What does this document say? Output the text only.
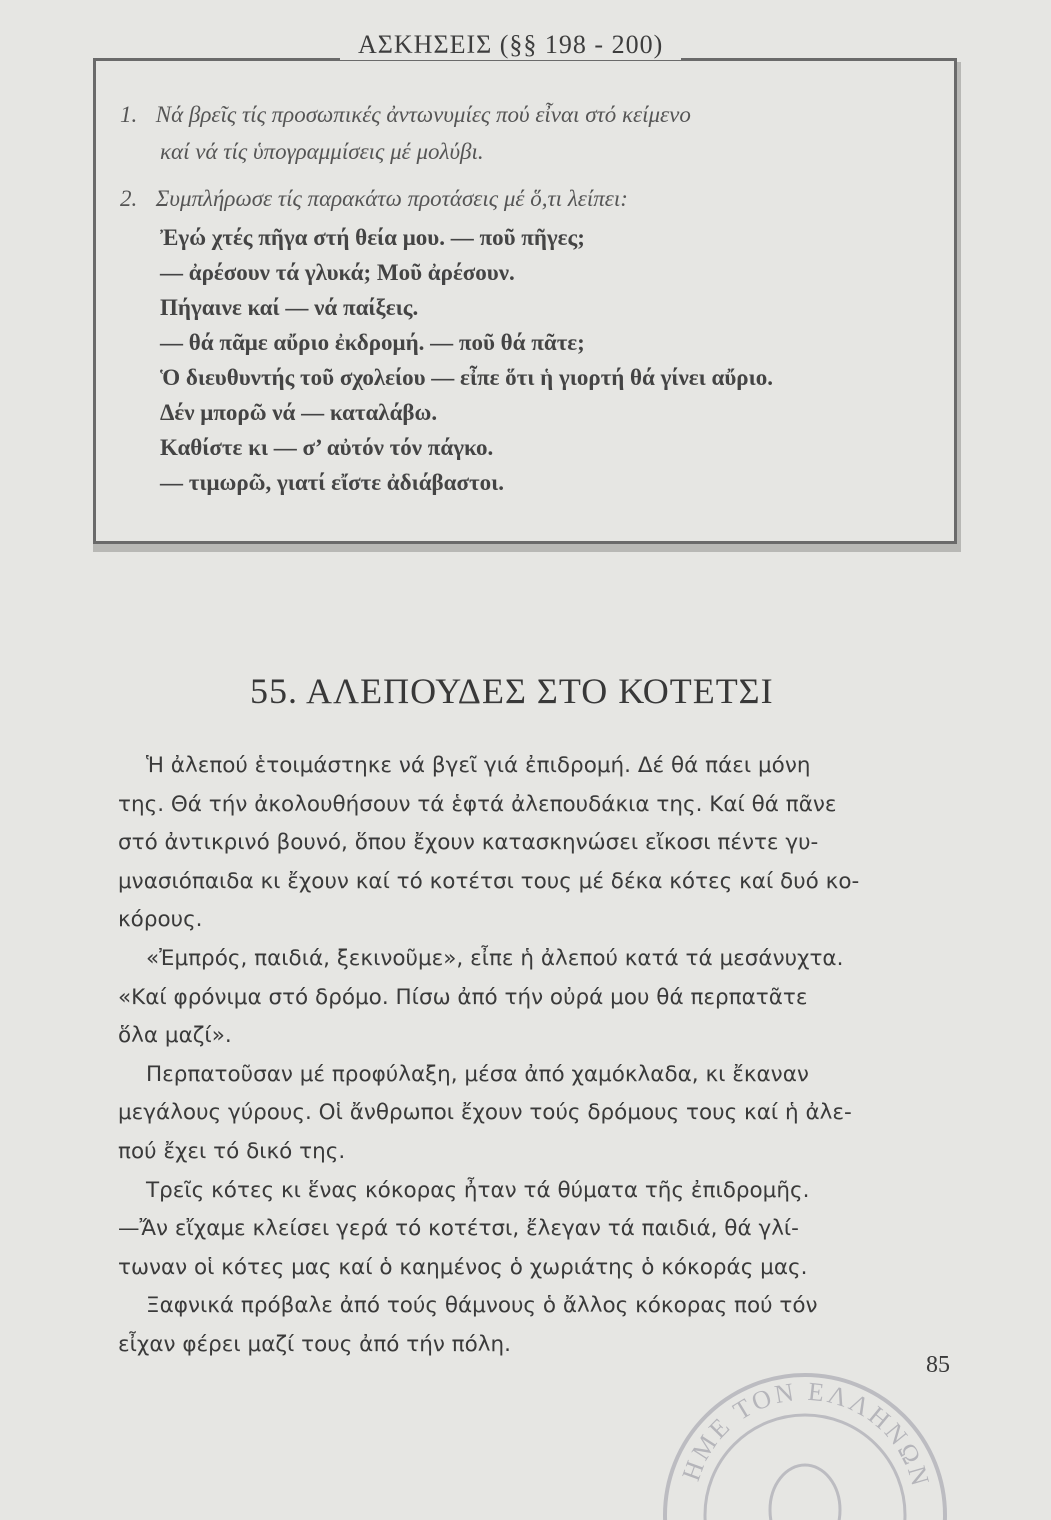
ΑΣΚΗΣΕΙΣ (§§ 198 - 200)
1. Νά βρεῖς τίς προσωπικές ἀντωνυμίες πού εἶναι στό κείμενο
καί νά τίς ὑπογραμμίσεις μέ μολύβι.
2. Συμπλήρωσε τίς παρακάτω προτάσεις μέ ὅ,τι λείπει:
Ἐγώ χτές πῆγα στή θεία μου. — ποῦ πῆγες;
— ἀρέσουν τά γλυκά; Μοῦ ἀρέσουν.
Πήγαινε καί — νά παίξεις.
— θά πᾶμε αὔριο ἐκδρομή. — ποῦ θά πᾶτε;
Ὁ διευθυντής τοῦ σχολείου — εἶπε ὅτι ἡ γιορτή θά γίνει αὔριο.
Δέν μπορῶ νά — καταλάβω.
Καθίστε κι — σ’ αὐτόν τόν πάγκο.
— τιμωρῶ, γιατί εἴστε ἀδιάβαστοι.
55. ΑΛΕΠΟΥΔΕΣ ΣΤΟ ΚΟΤΕΤΣΙ

Ἡ ἀλεπού ἑτοιμάστηκε νά βγεῖ γιά ἐπιδρομή. Δέ θά πάει μόνη
της. Θά τήν ἀκολουθήσουν τά ἑφτά ἀλεπουδάκια της. Καί θά πᾶνε
στό ἀντικρινό βουνό, ὅπου ἔχουν κατασκηνώσει εἴκοσι πέντε γυ-
μνασιόπαιδα κι ἔχουν καί τό κοτέτσι τους μέ δέκα κότες καί δυό κο-
κόρους.

«Ἐμπρός, παιδιά, ξεκινοῦμε», εἶπε ἡ ἀλεπού κατά τά μεσάνυχτα.
«Καί φρόνιμα στό δρόμο. Πίσω ἀπό τήν οὐρά μου θά περπατᾶτε
ὅλα μαζί».

Περπατοῦσαν μέ προφύλαξη, μέσα ἀπό χαμόκλαδα, κι ἔκαναν
μεγάλους γύρους. Οἱ ἄνθρωποι ἔχουν τούς δρόμους τους καί ἡ ἀλε-
πού ἔχει τό δικό της.

Τρεῖς κότες κι ἕνας κόκορας ἦταν τά θύματα τῆς ἐπιδρομῆς.

—Ἄν εἴχαμε κλείσει γερά τό κοτέτσι, ἔλεγαν τά παιδιά, θά γλί-
τωναν οἱ κότες μας καί ὁ καημένος ὁ χωριάτης ὁ κόκοράς μας.

Ξαφνικά πρόβαλε ἀπό τούς θάμνους ὁ ἄλλος κόκορας πού τόν
εἶχαν φέρει μαζί τους ἀπό τήν πόλη.

85
ΗΜΕ ΤΟΝ ΕΛΛΗΝΩΝ
